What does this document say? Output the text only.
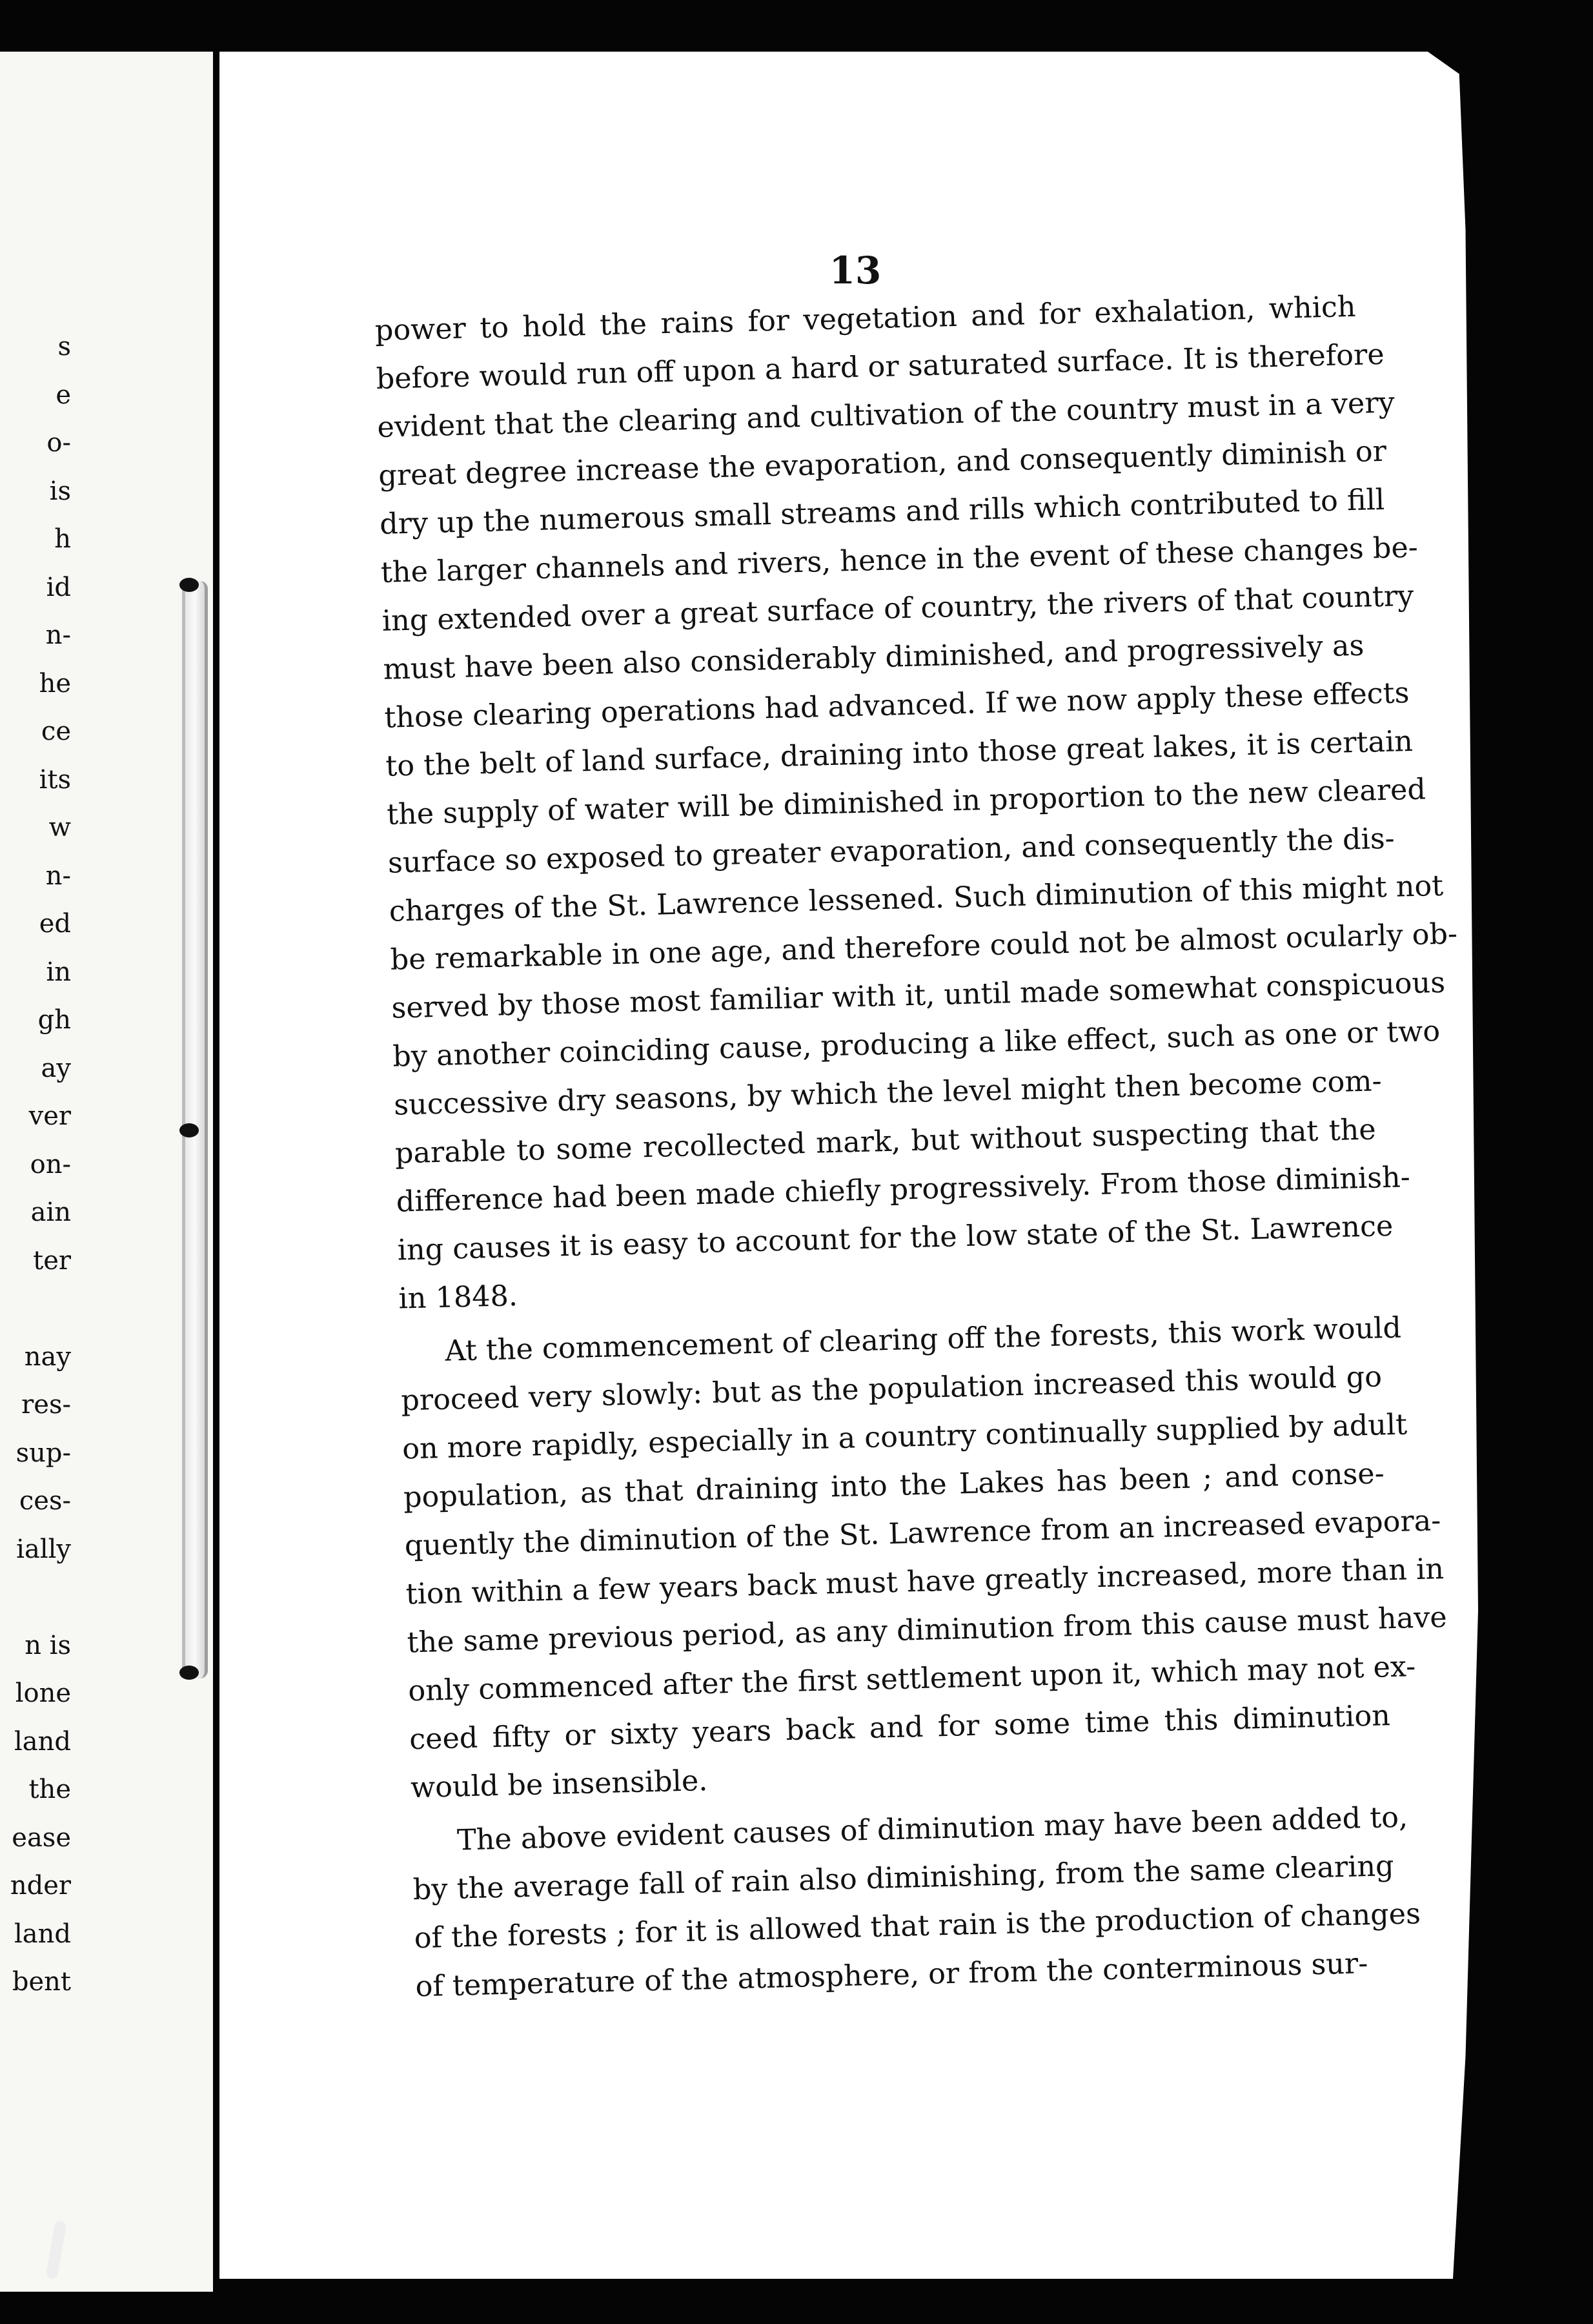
s
e
o-
is
h
id
n-
he
ce
its
w
n-
ed
in
gh
ay
ver
on-
ain
ter
nay
res-
sup-
ces-
ially
n is
lone
land
the
ease
nder
land
bent
13
power to hold the rains for vegetation and for exhalation, which
before would run off upon a hard or saturated surface. It is therefore
evident that the clearing and cultivation of the country must in a very
great degree increase the evaporation, and consequently diminish or
dry up the numerous small streams and rills which contributed to fill
the larger channels and rivers, hence in the event of these changes be-
ing extended over a great surface of country, the rivers of that country
must have been also considerably diminished, and progressively as
those clearing operations had advanced. If we now apply these effects
to the belt of land surface, draining into those great lakes, it is certain
the supply of water will be diminished in proportion to the new cleared
surface so exposed to greater evaporation, and consequently the dis-
charges of the St. Lawrence lessened. Such diminution of this might not
be remarkable in one age, and therefore could not be almost ocularly ob-
served by those most familiar with it, until made somewhat conspicuous
by another coinciding cause, producing a like effect, such as one or two
successive dry seasons, by which the level might then become com-
parable to some recollected mark, but without suspecting that the
difference had been made chiefly progressively. From those diminish-
ing causes it is easy to account for the low state of the St. Lawrence
in 1848.
At the commencement of clearing off the forests, this work would
proceed very slowly: but as the population increased this would go
on more rapidly, especially in a country continually supplied by adult
population, as that draining into the Lakes has been ; and conse-
quently the diminution of the St. Lawrence from an increased evapora-
tion within a few years back must have greatly increased, more than in
the same previous period, as any diminution from this cause must have
only commenced after the first settlement upon it, which may not ex-
ceed fifty or sixty years back and for some time this diminution
would be insensible.
The above evident causes of diminution may have been added to,
by the average fall of rain also diminishing, from the same clearing
of the forests ; for it is allowed that rain is the production of changes
of temperature of the atmosphere, or from the conterminous sur-
